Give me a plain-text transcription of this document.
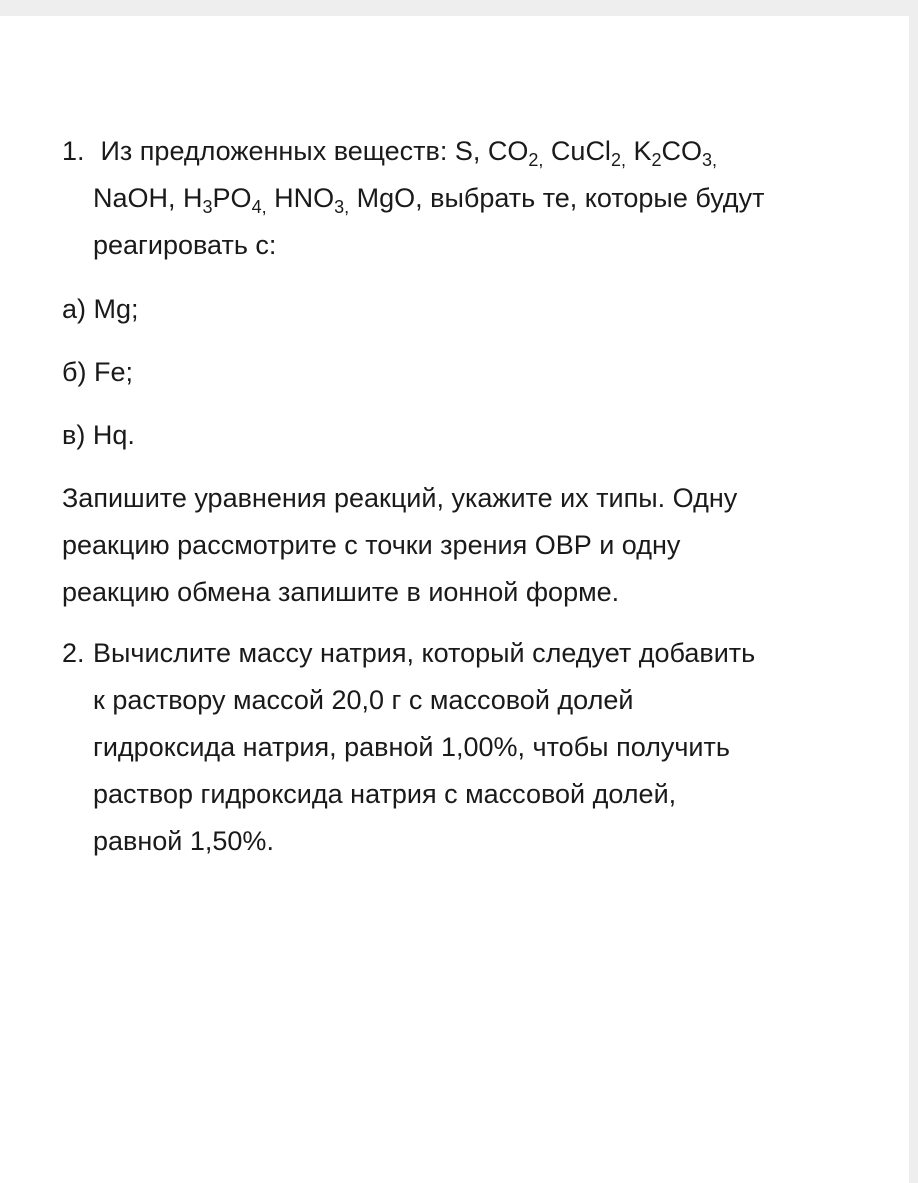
1. Из предложенных веществ: S, $CO_{2,}$ CuCl$_{2,}$ $K_2CO_{3,}$
NaOH, $H_3PO_{4,}$ $HNO_{3,}$ MgO, выбрать те, которые будут
реагировать с:
а) Mg;
б) Fe;
в) Hq.
Запишите уравнения реакций, укажите их типы. Одну
реакцию рассмотрите с точки зрения ОВР и одну
реакцию обмена запишите в ионной форме.
2. Вычислите массу натрия, который следует добавить
к раствору массой 20,0 г с массовой долей
гидроксида натрия, равной 1,00%, чтобы получить
раствор гидроксида натрия с массовой долей,
равной 1,50%.
